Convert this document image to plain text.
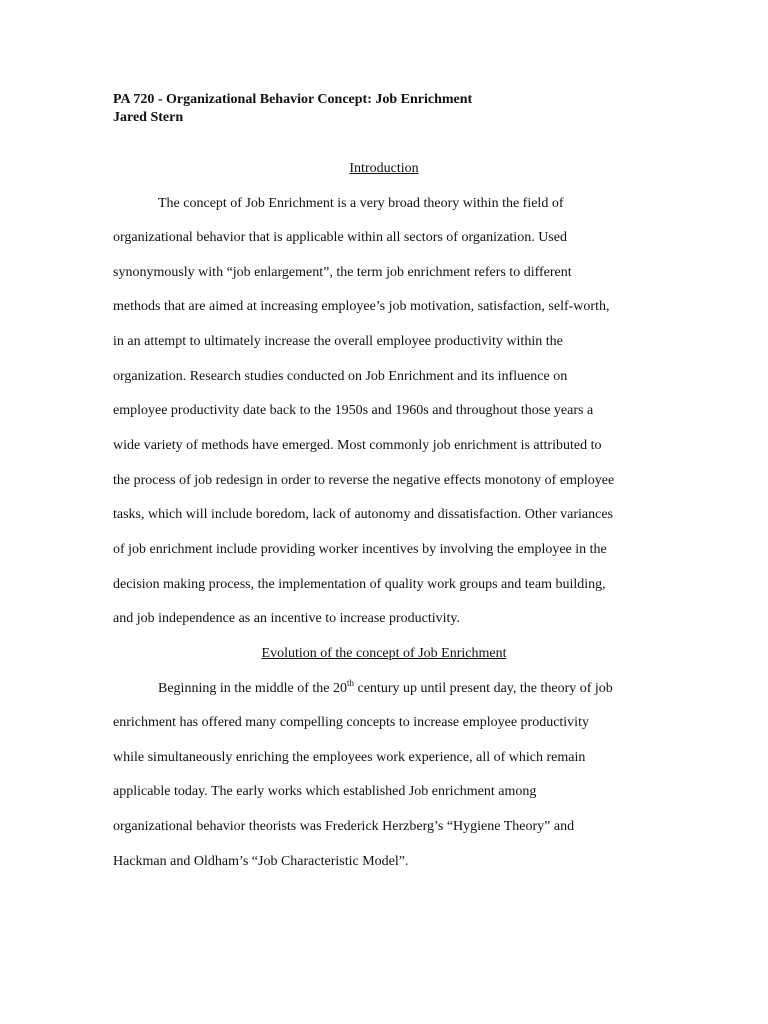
PA 720 - Organizational Behavior Concept: Job Enrichment
Jared Stern
Introduction
The concept of Job Enrichment is a very broad theory within the field of
organizational behavior that is applicable within all sectors of organization. Used
synonymously with “job enlargement”, the term job enrichment refers to different
methods that are aimed at increasing employee’s job motivation, satisfaction, self-worth,
in an attempt to ultimately increase the overall employee productivity within the
organization. Research studies conducted on Job Enrichment and its influence on
employee productivity date back to the 1950s and 1960s and throughout those years a
wide variety of methods have emerged. Most commonly job enrichment is attributed to
the process of job redesign in order to reverse the negative effects monotony of employee
tasks, which will include boredom, lack of autonomy and dissatisfaction. Other variances
of job enrichment include providing worker incentives by involving the employee in the
decision making process, the implementation of quality work groups and team building,
and job independence as an incentive to increase productivity.
Evolution of the concept of Job Enrichment
Beginning in the middle of the 20th century up until present day, the theory of job
enrichment has offered many compelling concepts to increase employee productivity
while simultaneously enriching the employees work experience, all of which remain
applicable today. The early works which established Job enrichment among
organizational behavior theorists was Frederick Herzberg’s “Hygiene Theory” and
Hackman and Oldham’s “Job Characteristic Model”.
